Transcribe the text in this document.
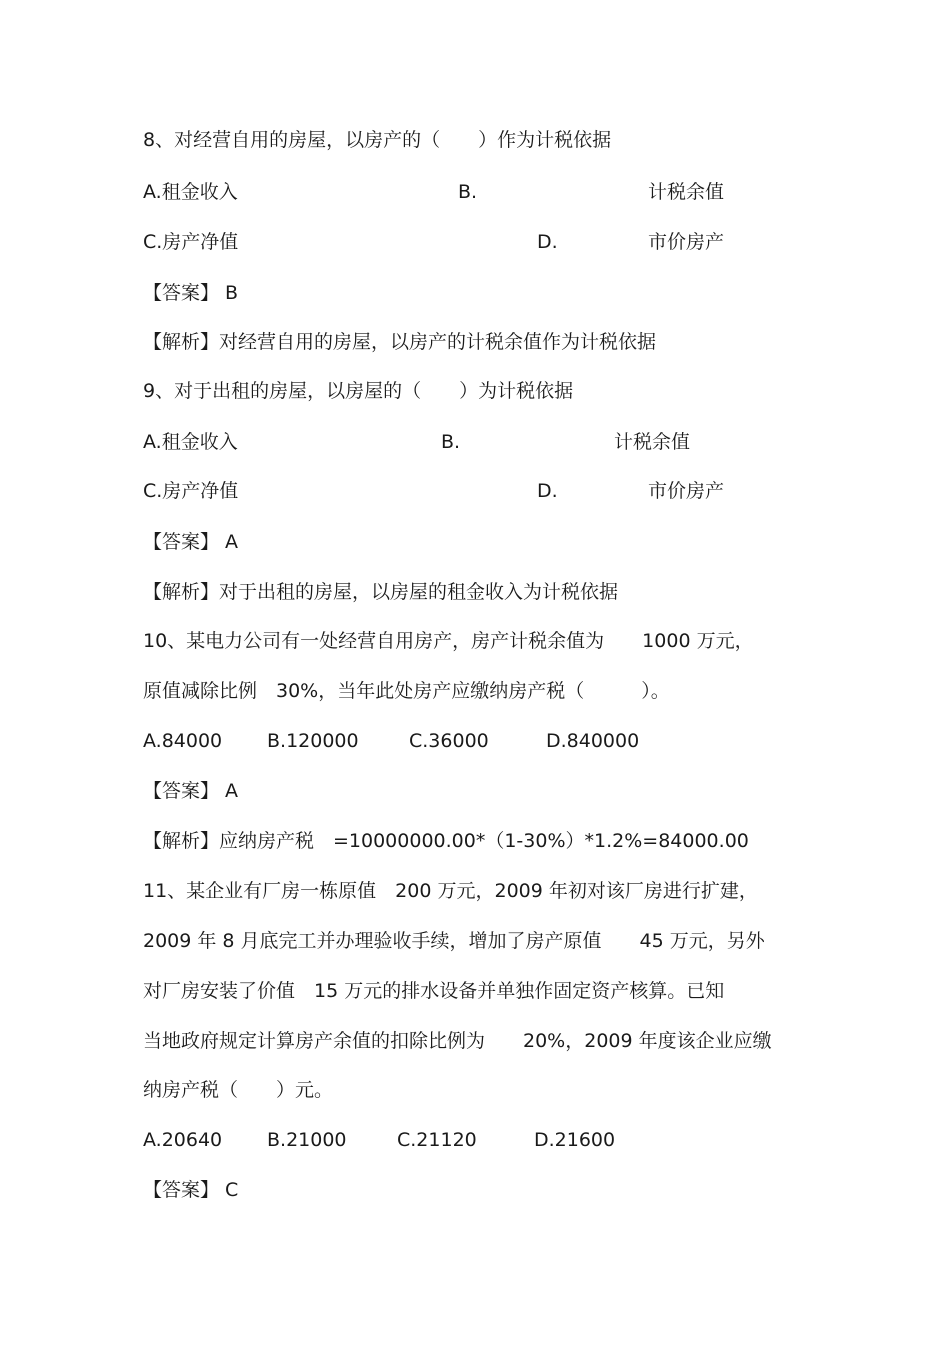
8、对经营自用的房屋，以房产的（　　）作为计税依据
A.租金收入	B.	计税余值
C.房产净值	D.	市价房产
【答案】 B
【解析】对经营自用的房屋，以房产的计税余值作为计税依据
9、对于出租的房屋，以房屋的（　　）为计税依据
A.租金收入	B.	计税余值
C.房产净值	D.	市价房产
【答案】 A
【解析】对于出租的房屋，以房屋的租金收入为计税依据
10、某电力公司有一处经营自用房产，房产计税余值为　　1000 万元，
原值减除比例　30%，当年此处房产应缴纳房产税（　　　）。
A.84000 B.120000	C.36000	D.840000
【答案】 A
【解析】应纳房产税　=10000000.00*（1-30%）*1.2%=84000.00
11、某企业有厂房一栋原值　200 万元，2009 年初对该厂房进行扩建，
2009 年 8 月底完工并办理验收手续，增加了房产原值　　45 万元，另外
对厂房安装了价值　15 万元的排水设备并单独作固定资产核算。已知
当地政府规定计算房产余值的扣除比例为　　20%，2009 年度该企业应缴
纳房产税（　　）元。
A.20640 B.21000	C.21120	D.21600
【答案】 C
